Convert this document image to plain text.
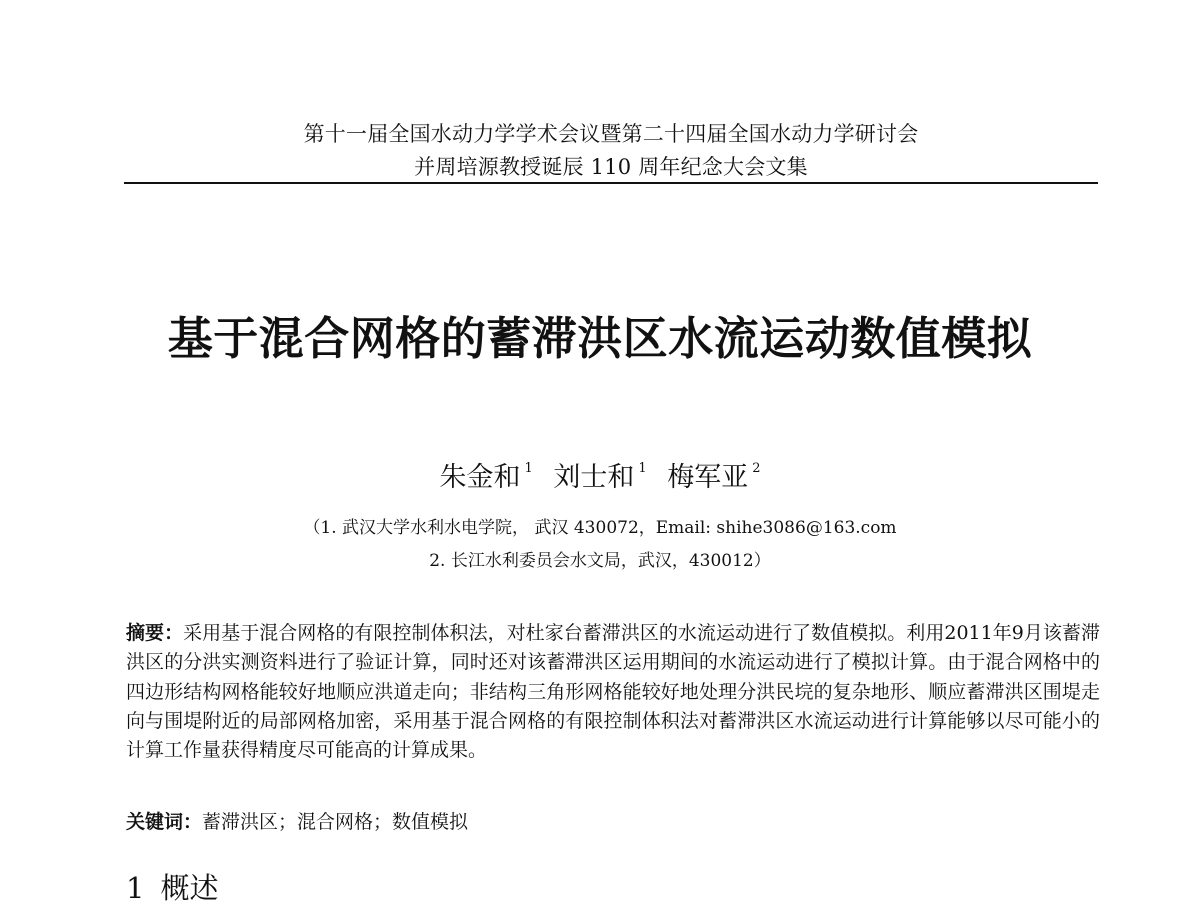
第十一届全国水动力学学术会议暨第二十四届全国水动力学研讨会
并周培源教授诞辰 110 周年纪念大会文集
基于混合网格的蓄滞洪区水流运动数值模拟
朱金和 $^1$ 刘士和 $^1$ 梅军亚 $^2$
（1. 武汉大学水利水电学院， 武汉 430072，Email: shihe3086@163.com
2. 长江水利委员会水文局，武汉，430012）
摘要：采用基于混合网格的有限控制体积法，对杜家台蓄滞洪区的水流运动进行了数值模拟。利用2011年9月该蓄滞洪区的分洪实测资料进行了验证计算，同时还对该蓄滞洪区运用期间的水流运动进行了模拟计算。由于混合网格中的四边形结构网格能较好地顺应洪道走向；非结构三角形网格能较好地处理分洪民垸的复杂地形、顺应蓄滞洪区围堤走向与围堤附近的局部网格加密，采用基于混合网格的有限控制体积法对蓄滞洪区水流运动进行计算能够以尽可能小的计算工作量获得精度尽可能高的计算成果。
关键词：蓄滞洪区；混合网格；数值模拟
1 概述
